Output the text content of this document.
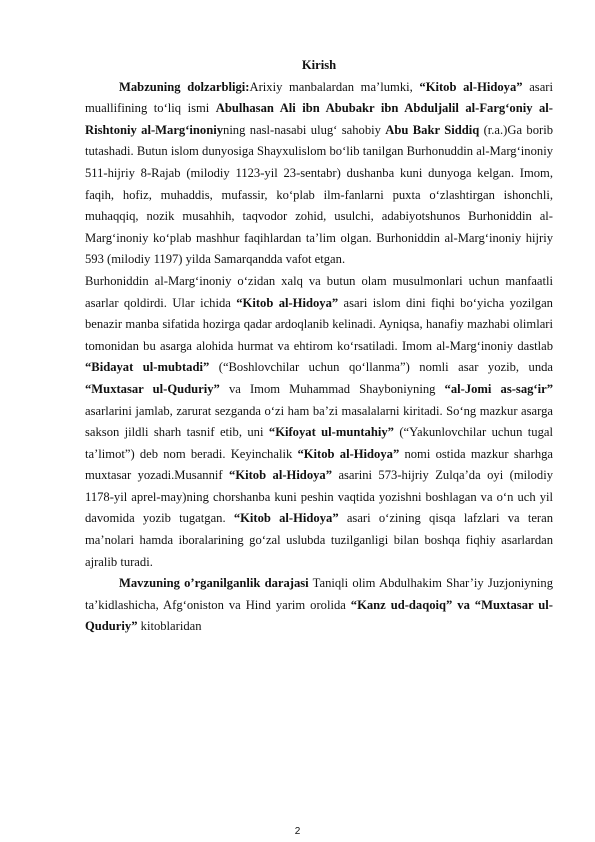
Kirish

Mabzuning dolzarbligi:Arixiy manbalardan ma’lumki, “Kitob al-Hidoya” asari muallifining to‘liq ismi Abulhasan Ali ibn Abubakr ibn Abduljalil al-Farg‘oniy al-Rishtoniy al-Marg‘inoniyning nasl-nasabi ulug‘ sahobiy Abu Bakr Siddiq (r.a.)Ga borib tutashadi. Butun islom dunyosiga Shayxulislom bo‘lib tanilgan Burhonuddin al-Marg‘inoniy 511-hijriy 8-Rajab (milodiy 1123-yil 23-sentabr) dushanba kuni dunyoga kelgan. Imom, faqih, hofiz, muhaddis, mufassir, ko‘plab ilm-fanlarni puxta o‘zlashtirgan ishonchli, muhaqqiq, nozik musahhih, taqvodor zohid, usulchi, adabiyotshunos Burhoniddin al-Marg‘inoniy ko‘plab mashhur faqihlardan ta’lim olgan. Burhoniddin al-Marg‘inoniy hijriy 593 (milodiy 1197) yilda Samarqandda vafot etgan.

Burhoniddin al-Marg‘inoniy o‘zidan xalq va butun olam musulmonlari uchun manfaatli asarlar qoldirdi. Ular ichida “Kitob al-Hidoya” asari islom dini fiqhi bo‘yicha yozilgan benazir manba sifatida hozirga qadar ardoqlanib kelinadi. Ayniqsa, hanafiy mazhabi olimlari tomonidan bu asarga alohida hurmat va ehtirom ko‘rsatiladi. Imom al-Marg‘inoniy dastlab “Bidayat ul-mubtadi” (“Boshlovchilar uchun qo‘llanma”) nomli asar yozib, unda “Muxtasar ul-Quduriy” va Imom Muhammad Shayboniyning “al-Jomi as-sag‘ir” asarlarini jamlab, zarurat sezganda o‘zi ham ba’zi masalalarni kiritadi. So‘ng mazkur asarga sakson jildli sharh tasnif etib, uni “Kifoyat ul-muntahiy” (“Yakunlovchilar uchun tugal ta’limot”) deb nom beradi. Keyinchalik “Kitob al-Hidoya” nomi ostida mazkur sharhga muxtasar yozadi.Musannif “Kitob al-Hidoya” asarini 573-hijriy Zulqa’da oyi (milodiy 1178-yil aprel-may)ning chorshanba kuni peshin vaqtida yozishni boshlagan va o‘n uch yil davomida yozib tugatgan. “Kitob al-Hidoya” asari o‘zining qisqa lafzlari va teran ma’nolari hamda iboralarining go‘zal uslubda tuzilganligi bilan boshqa fiqhiy asarlardan ajralib turadi.

Mavzuning o’rganilganlik darajasi Taniqli olim Abdulhakim Shar’iy Juzjoniyning ta’kidlashicha, Afg‘oniston va Hind yarim orolida “Kanz ud-daqoiq” va “Muxtasar ul-Quduriy” kitoblaridan

2
